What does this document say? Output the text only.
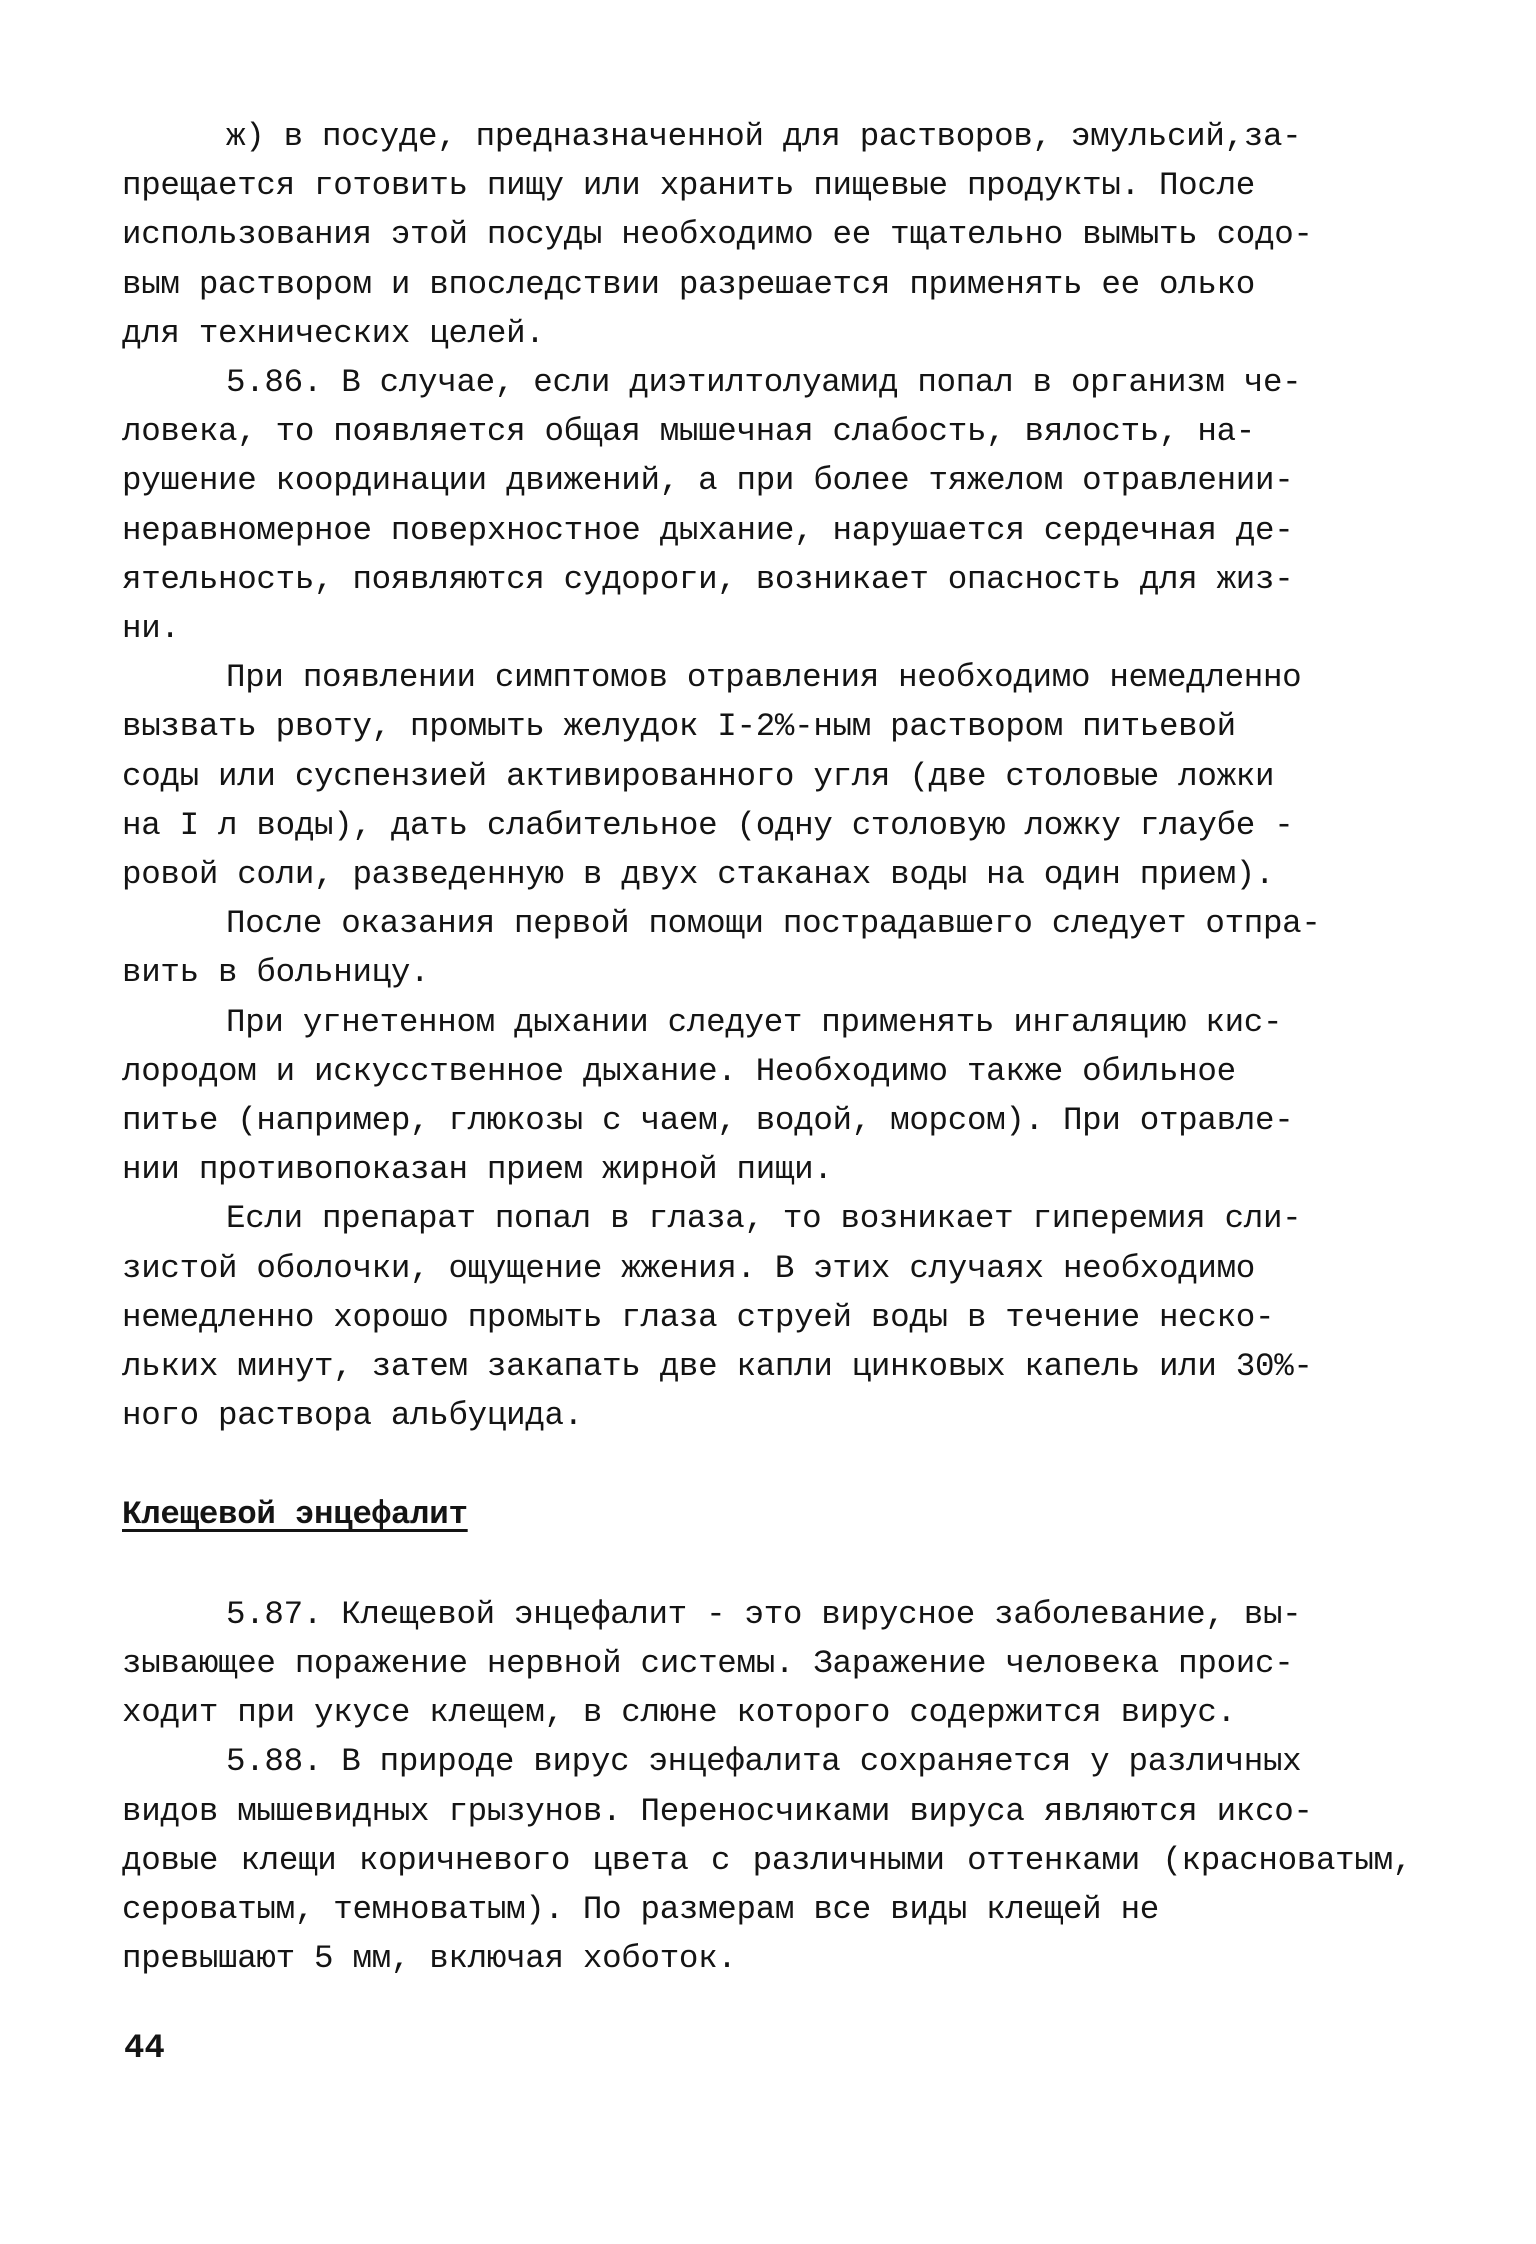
ж) в посуде, предназначенной для растворов, эмульсий,за-
прещается готовить пищу или хранить пищевые продукты. После
использования этой посуды необходимо ее тщательно вымыть содо-
вым раствором и впоследствии разрешается применять ее олько
для технических целей.

5.86. В случае, если диэтилтолуамид попал в организм че-
ловека, то появляется общая мышечная слабость, вялость, на-
рушение координации движений, а при более тяжелом отравлении-
неравномерное поверхностное дыхание, нарушается сердечная де-
ятельность, появляются судороги, возникает опасность для жиз-
ни.

При появлении симптомов отравления необходимо немедленно
вызвать рвоту, промыть желудок I-2%-ным раствором питьевой
соды или суспензией активированного угля (две столовые ложки
на I л воды), дать слабительное (одну столовую ложку глаубе -
ровой соли, разведенную в двух стаканах воды на один прием).

После оказания первой помощи пострадавшего следует отпра-
вить в больницу.

При угнетенном дыхании следует применять ингаляцию кис-
лородом и искусственное дыхание. Необходимо также обильное
питье (например, глюкозы с чаем, водой, морсом). При отравле-
нии противопоказан прием жирной пищи.

Если препарат попал в глаза, то возникает гиперемия сли-
зистой оболочки, ощущение жжения. В этих случаях необходимо
немедленно хорошо промыть глаза струей воды в течение неско-
льких минут, затем закапать две капли цинковых капель или 30%-
ного раствора альбуцида.

Клещевой энцефалит

5.87. Клещевой энцефалит - это вирусное заболевание, вы-
зывающее поражение нервной системы. Заражение человека проис-
ходит при укусе клещем, в слюне которого содержится вирус.

5.88. В природе вирус энцефалита сохраняется у различных
видов мышевидных грызунов. Переносчиками вируса являются иксо-
довые клещи коричневого цвета с различными оттенками (красноватым, сероватым, темноватым). По размерам все виды клещей не
превышают 5 мм, включая хоботок.

44
